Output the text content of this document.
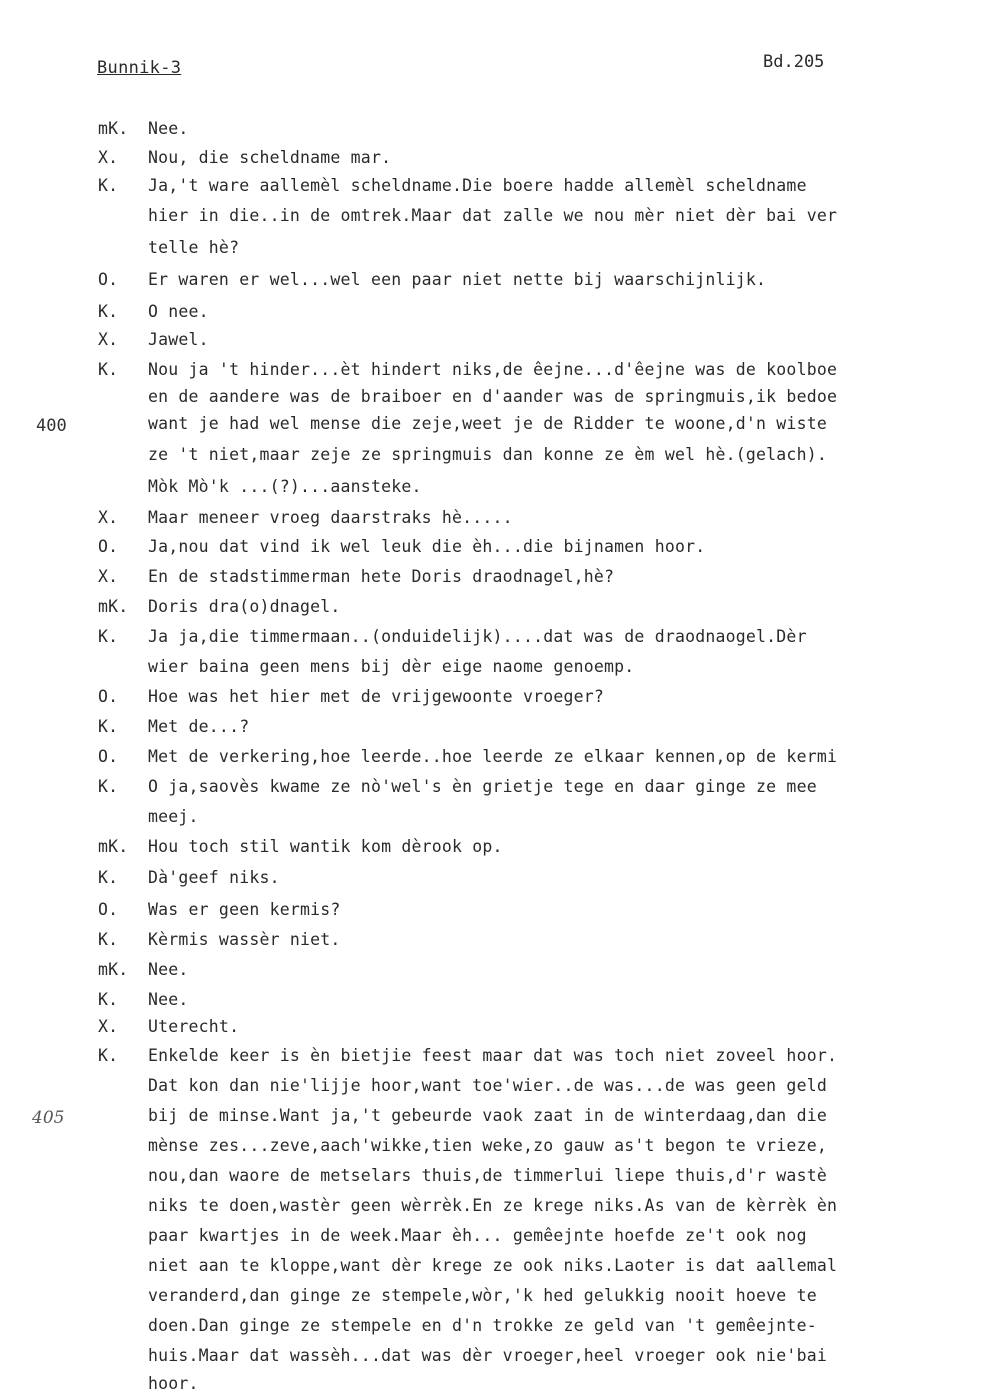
Bunnik-3	Bd.205
400
405
mK. Nee.
X. Nou, die scheldname mar.
K. Ja,'t ware aallemèl scheldname.Die boere hadde allemèl scheldname
hier in die..in de omtrek.Maar dat zalle we nou mèr niet dèr bai ver
telle hè?
O. Er waren er wel...wel een paar niet nette bij waarschijnlijk.
K. O nee.
X. Jawel.
K. Nou ja 't hinder...èt hindert niks,de êejne...d'êejne was de koolboe
en de aandere was de braiboer en d'aander was de springmuis,ik bedoe
want je had wel mense die zeje,weet je de Ridder te woone,d'n wiste
ze 't niet,maar zeje ze springmuis dan konne ze èm wel hè.(gelach).
Mòk Mò'k ...(?)...aansteke.
X. Maar meneer vroeg daarstraks hè.....
O. Ja,nou dat vind ik wel leuk die èh...die bijnamen hoor.
X. En de stadstimmerman hete Doris draodnagel,hè?
mK. Doris dra(o)dnagel.
K. Ja ja,die timmermaan..(onduidelijk)....dat was de draodnaogel.Dèr
wier baina geen mens bij dèr eige naome genoemp.
O. Hoe was het hier met de vrijgewoonte vroeger?
K. Met de...?
O. Met de verkering,hoe leerde..hoe leerde ze elkaar kennen,op de kermi
K. O ja,saovès kwame ze nò'wel's èn grietje tege en daar ginge ze mee
meej.
mK. Hou toch stil wantik kom dèrook op.
K. Dà'geef niks.
O. Was er geen kermis?
K. Kèrmis wassèr niet.
mK. Nee.
K. Nee.
X. Uterecht.
K. Enkelde keer is èn bietjie feest maar dat was toch niet zoveel hoor.
Dat kon dan nie'lijje hoor,want toe'wier..de was...de was geen geld
bij de minse.Want ja,'t gebeurde vaok zaat in de winterdaag,dan die
mènse zes...zeve,aach'wikke,tien weke,zo gauw as't begon te vrieze,
nou,dan waore de metselars thuis,de timmerlui liepe thuis,d'r wastè
niks te doen,wastèr geen wèrrèk.En ze krege niks.As van de kèrrèk èn
paar kwartjes in de week.Maar èh... gemêejnte hoefde ze't ook nog
niet aan te kloppe,want dèr krege ze ook niks.Laoter is dat aallemal
veranderd,dan ginge ze stempele,wòr,'k hed gelukkig nooit hoeve te
doen.Dan ginge ze stempele en d'n trokke ze geld van 't gemêejnte-
huis.Maar dat wassèh...dat was dèr vroeger,heel vroeger ook nie'bai
hoor.
